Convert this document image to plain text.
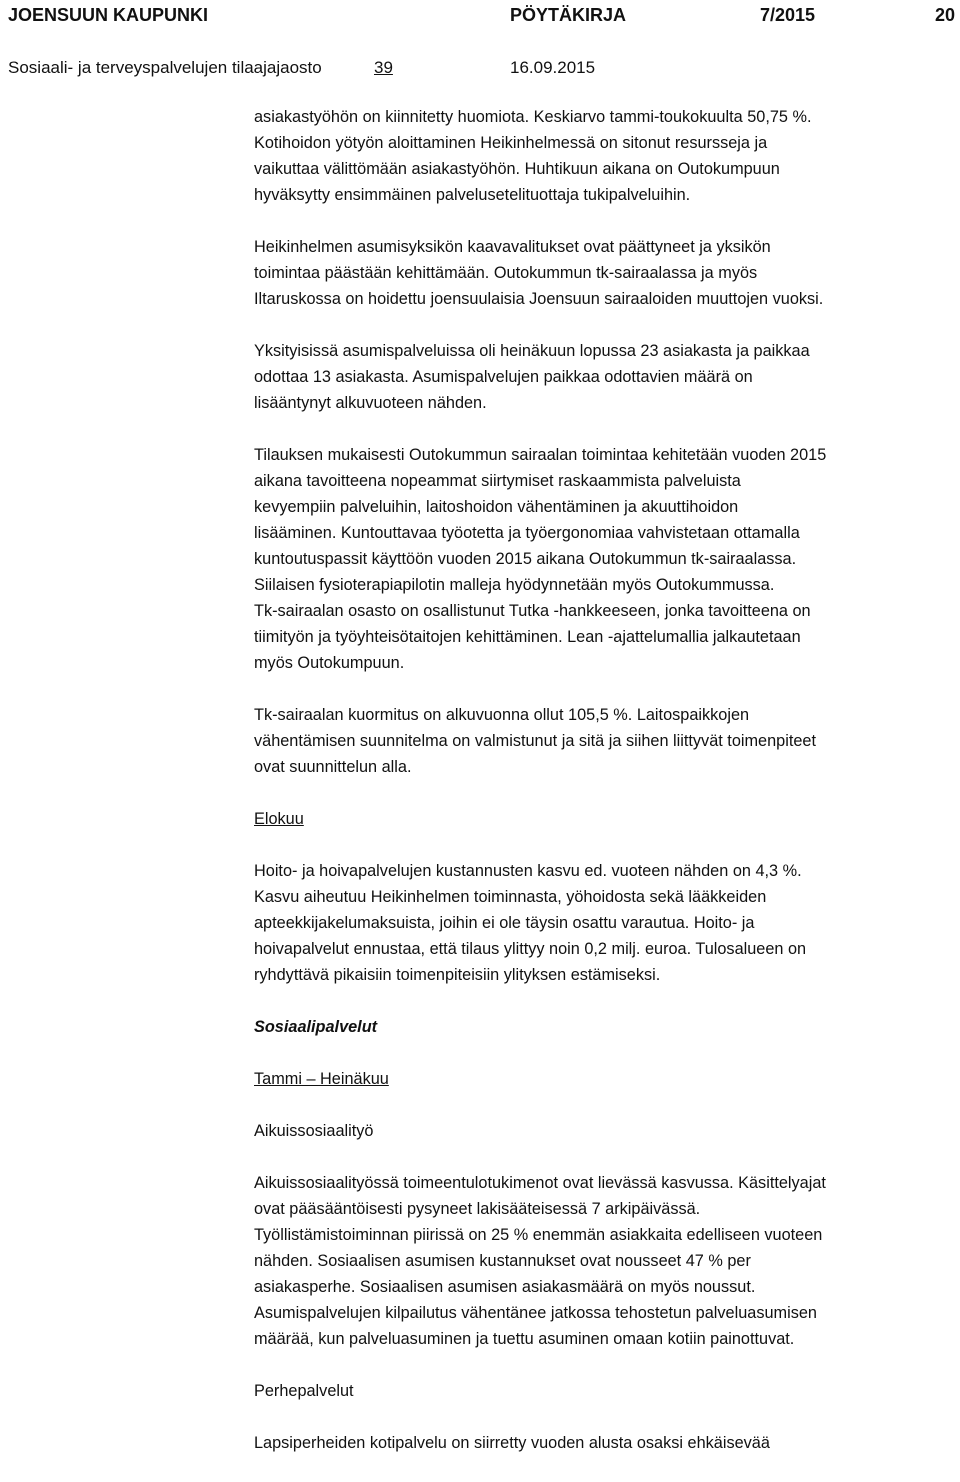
JOENSUUN KAUPUNKI	PÖYTÄKIRJA	7/2015	20
Sosiaali- ja terveyspalvelujen tilaajajaosto	39	16.09.2015

asiakastyöhön on kiinnitetty huomiota. Keskiarvo tammi-toukokuulta 50,75 %.
Kotihoidon yötyön aloittaminen Heikinhelmessä on sitonut resursseja ja
vaikuttaa välittömään asiakastyöhön. Huhtikuun aikana on Outokumpuun
hyväksytty ensimmäinen palvelusetelituottaja tukipalveluihin.

Heikinhelmen asumisyksikön kaavavalitukset ovat päättyneet ja yksikön
toimintaa päästään kehittämään. Outokummun tk-sairaalassa ja myös
Iltaruskossa on hoidettu joensuulaisia Joensuun sairaaloiden muuttojen vuoksi.

Yksityisissä asumispalveluissa oli heinäkuun lopussa 23 asiakasta ja paikkaa
odottaa 13 asiakasta. Asumispalvelujen paikkaa odottavien määrä on
lisääntynyt alkuvuoteen nähden.

Tilauksen mukaisesti Outokummun sairaalan toimintaa kehitetään vuoden 2015
aikana tavoitteena nopeammat siirtymiset raskaammista palveluista
kevyempiin palveluihin, laitoshoidon vähentäminen ja akuuttihoidon
lisääminen. Kuntouttavaa työotetta ja työergonomiaa vahvistetaan ottamalla
kuntoutuspassit käyttöön vuoden 2015 aikana Outokummun tk-sairaalassa.
Siilaisen fysioterapiapilotin malleja hyödynnetään myös Outokummussa.
Tk-sairaalan osasto on osallistunut Tutka -hankkeeseen, jonka tavoitteena on
tiimityön ja työyhteisötaitojen kehittäminen. Lean -ajattelumallia jalkautetaan
myös Outokumpuun.

Tk-sairaalan kuormitus on alkuvuonna ollut 105,5 %. Laitospaikkojen
vähentämisen suunnitelma on valmistunut ja sitä ja siihen liittyvät toimenpiteet
ovat suunnittelun alla.

Elokuu

Hoito- ja hoivapalvelujen kustannusten kasvu ed. vuoteen nähden on 4,3 %.
Kasvu aiheutuu Heikinhelmen toiminnasta, yöhoidosta sekä lääkkeiden
apteekkijakelumaksuista, joihin ei ole täysin osattu varautua. Hoito- ja
hoivapalvelut ennustaa, että tilaus ylittyy noin 0,2 milj. euroa. Tulosalueen on
ryhdyttävä pikaisiin toimenpiteisiin ylityksen estämiseksi.

Sosiaalipalvelut

Tammi – Heinäkuu

Aikuissosiaalityö

Aikuissosiaalityössä toimeentulotukimenot ovat lievässä kasvussa. Käsittelyajat
ovat pääsääntöisesti pysyneet lakisääteisessä 7 arkipäivässä.
Työllistämistoiminnan piirissä on 25 % enemmän asiakkaita edelliseen vuoteen
nähden. Sosiaalisen asumisen kustannukset ovat nousseet 47 % per
asiakasperhe. Sosiaalisen asumisen asiakasmäärä on myös noussut.
Asumispalvelujen kilpailutus vähentänee jatkossa tehostetun palveluasumisen
määrää, kun palveluasuminen ja tuettu asuminen omaan kotiin painottuvat.

Perhepalvelut

Lapsiperheiden kotipalvelu on siirretty vuoden alusta osaksi ehkäisevää
